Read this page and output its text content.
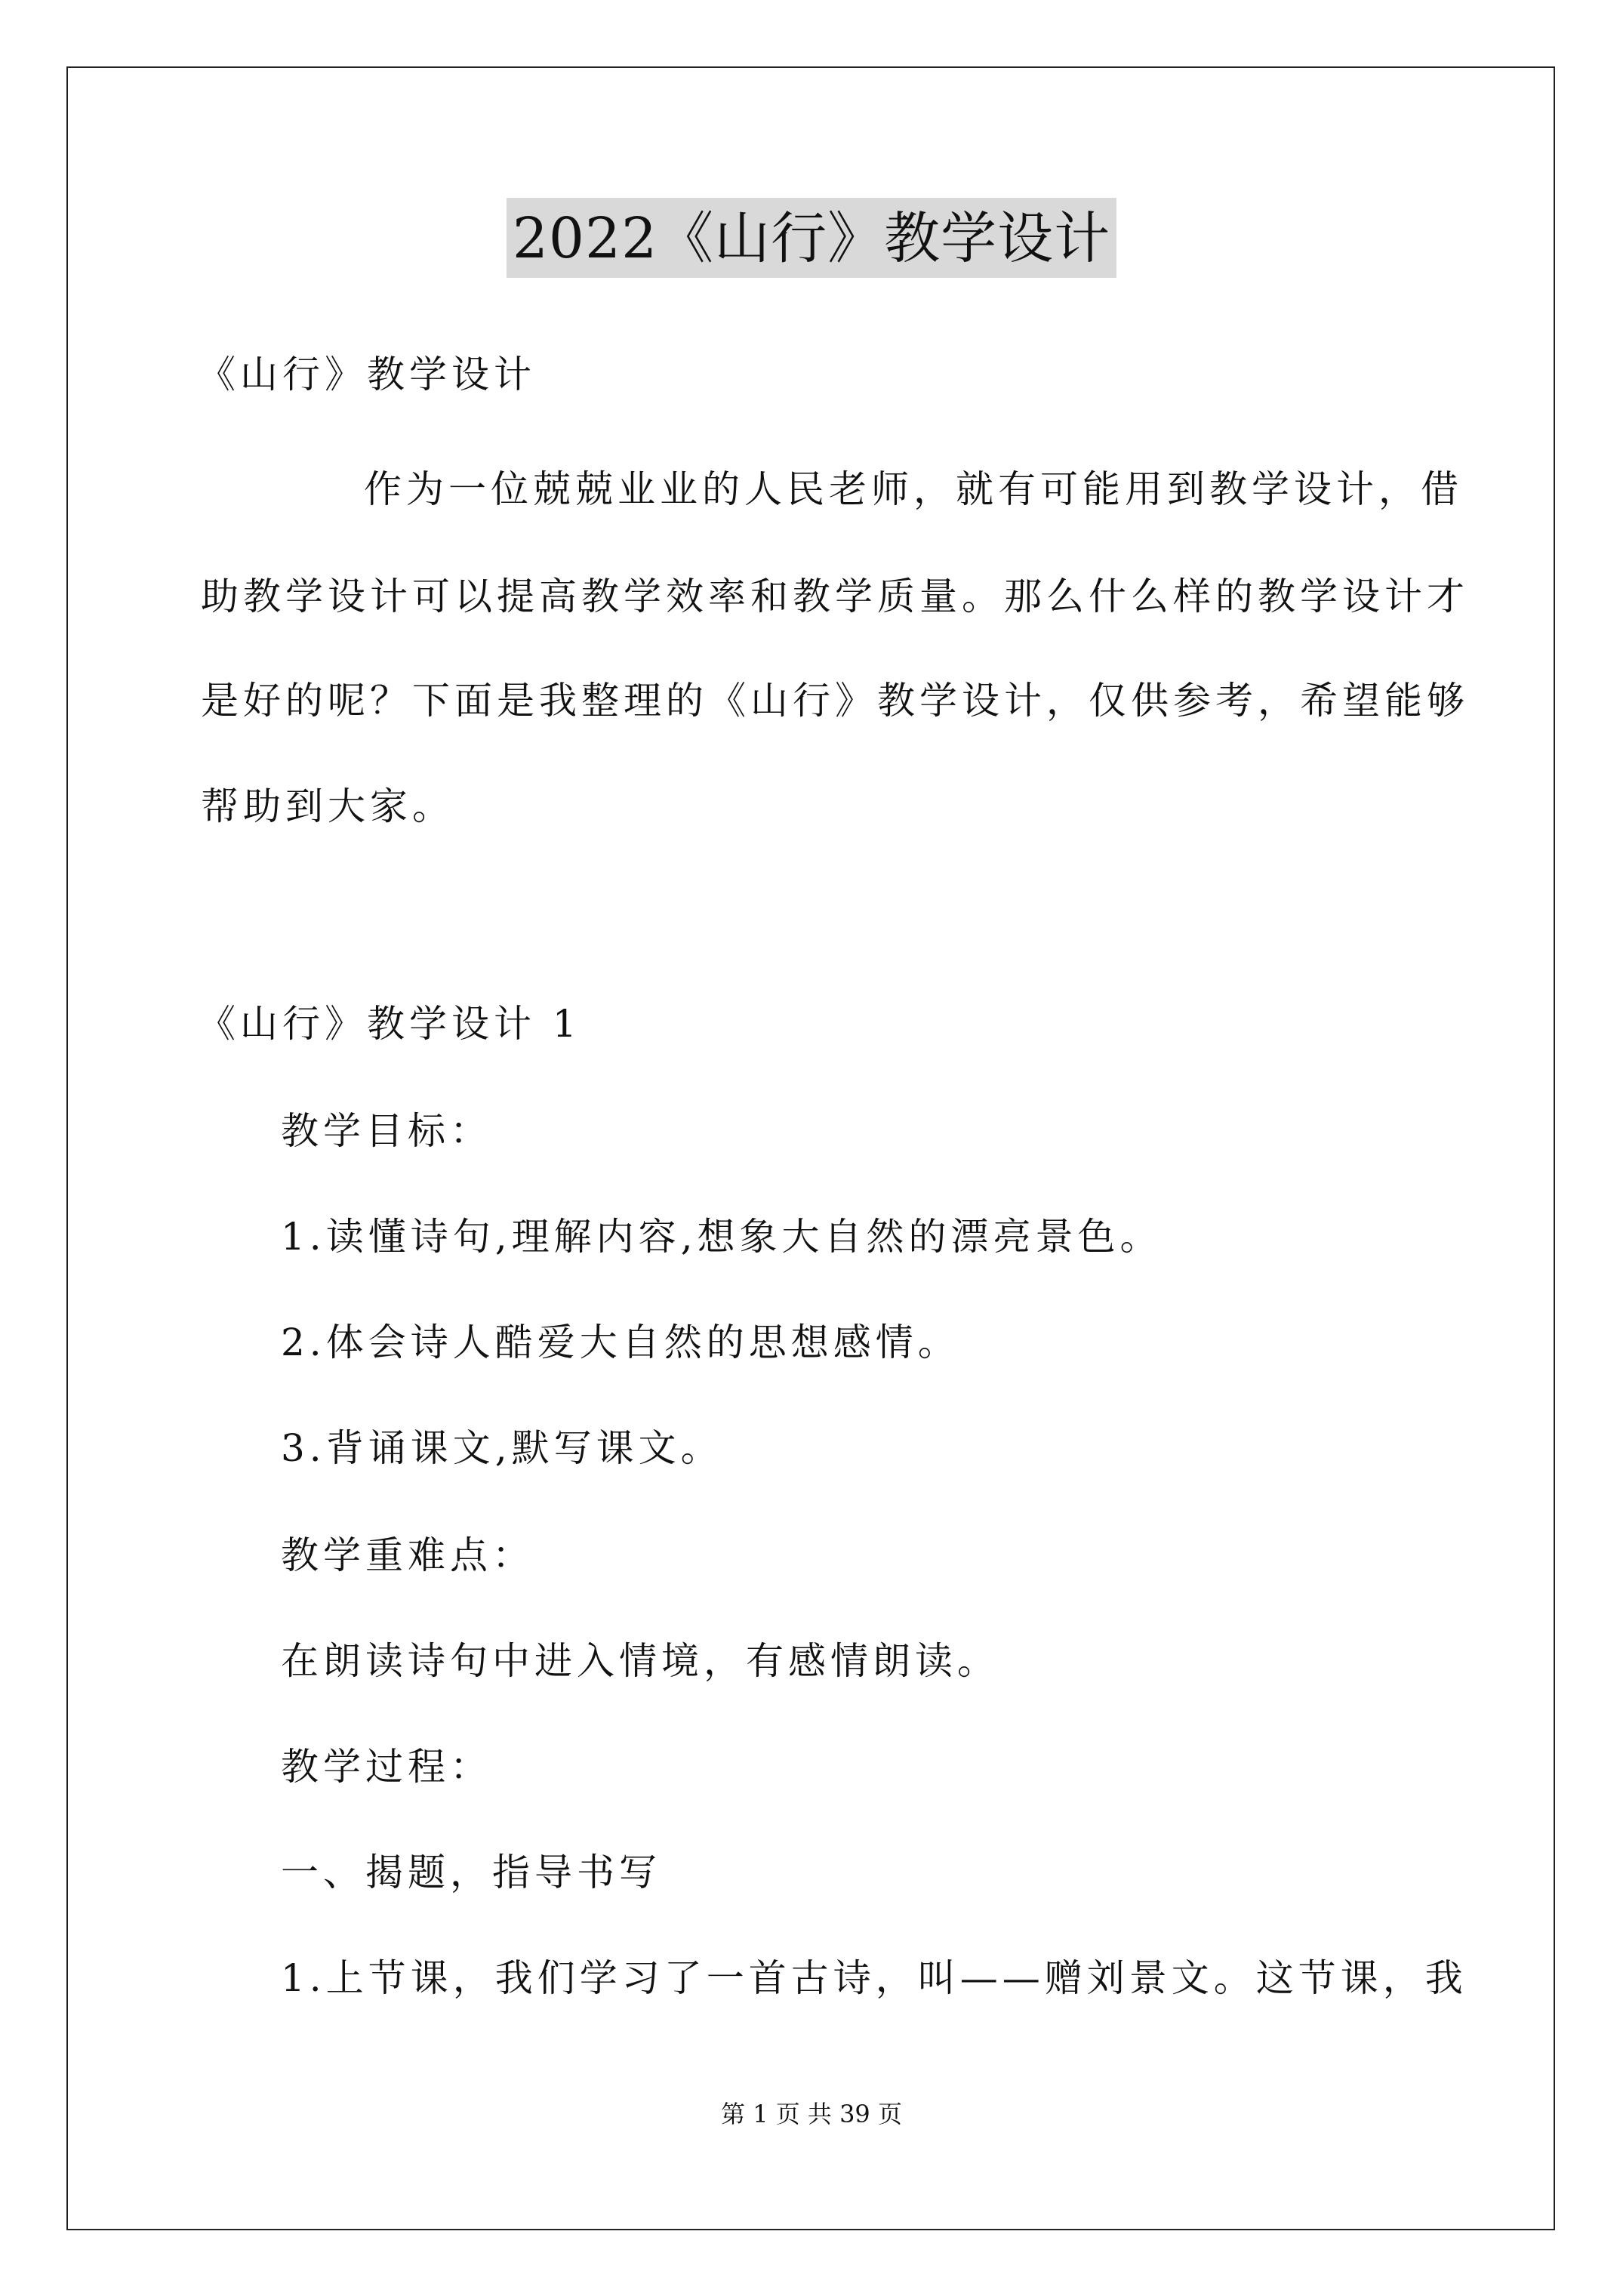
2022《山行》教学设计
《山行》教学设计
作为一位兢兢业业的人民老师，就有可能用到教学设计，借
助教学设计可以提高教学效率和教学质量。那么什么样的教学设计才
是好的呢？下面是我整理的《山行》教学设计，仅供参考，希望能够
帮助到大家。
《山行》教学设计 1
教学目标：
1.读懂诗句,理解内容,想象大自然的漂亮景色。
2.体会诗人酷爱大自然的思想感情。
3.背诵课文,默写课文。
教学重难点：
在朗读诗句中进入情境，有感情朗读。
教学过程：
一、揭题，指导书写
1.上节课，我们学习了一首古诗，叫——赠刘景文。这节课，我
第 1 页 共 39 页
